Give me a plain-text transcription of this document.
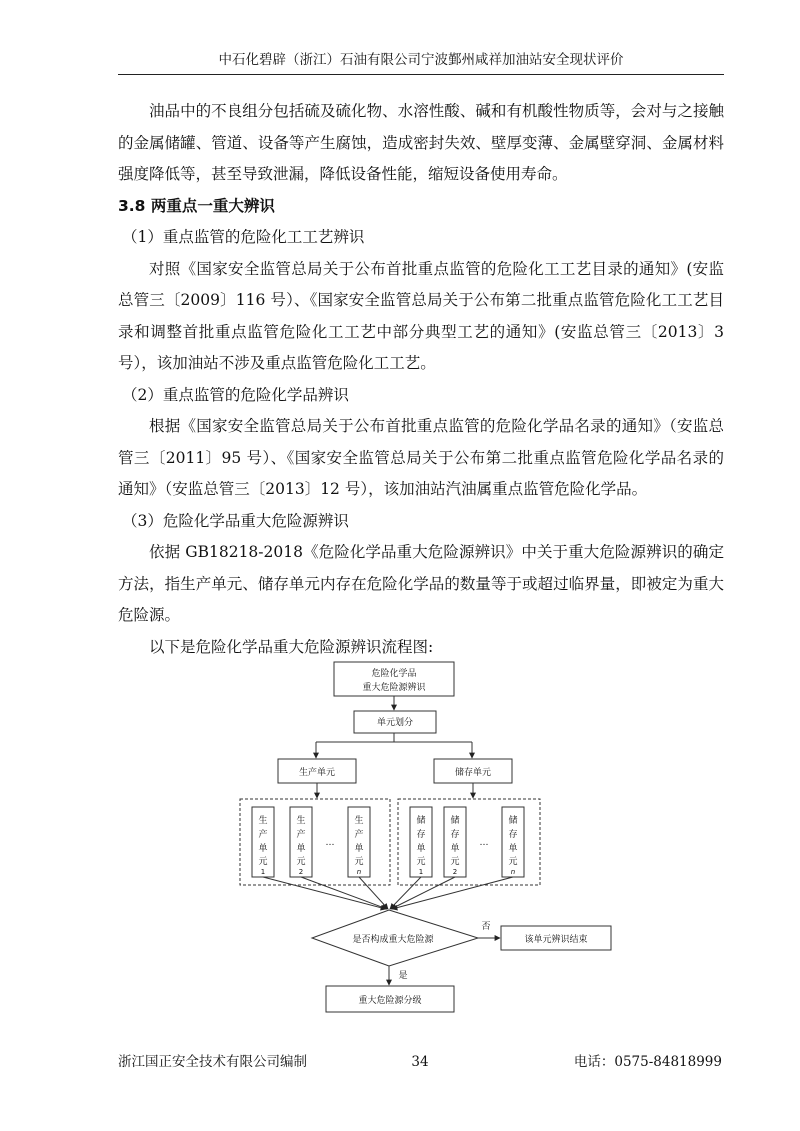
中石化碧辟（浙江）石油有限公司宁波鄞州咸祥加油站安全现状评价

油品中的不良组分包括硫及硫化物、水溶性酸、碱和有机酸性物质等，会对与之接触的金属储罐、管道、设备等产生腐蚀，造成密封失效、壁厚变薄、金属壁穿洞、金属材料强度降低等，甚至导致泄漏，降低设备性能，缩短设备使用寿命。

3.8 两重点一重大辨识

（1）重点监管的危险化工工艺辨识

对照《国家安全监管总局关于公布首批重点监管的危险化工工艺目录的通知》(安监总管三〔2009〕116 号）、《国家安全监管总局关于公布第二批重点监管危险化工工艺目录和调整首批重点监管危险化工工艺中部分典型工艺的通知》(安监总管三〔2013〕3 号），该加油站不涉及重点监管危险化工工艺。

（2）重点监管的危险化学品辨识

根据《国家安全监管总局关于公布首批重点监管的危险化学品名录的通知》（安监总管三〔2011〕95 号）、《国家安全监管总局关于公布第二批重点监管危险化学品名录的通知》（安监总管三〔2013〕12 号），该加油站汽油属重点监管危险化学品。

（3）危险化学品重大危险源辨识

依据 GB18218-2018《危险化学品重大危险源辨识》中关于重大危险源辨识的确定方法，指生产单元、储存单元内存在危险化学品的数量等于或超过临界量，即被定为重大危险源。

以下是危险化学品重大危险源辨识流程图:

危险化学品
重大危险源辨识
单元划分
生产单元	储存单元
生
产
单
元
1
生
产
单
元
2
…
生
产
单
元
n
储
存
单
元
1
储
存
单
元
2
…
储
存
单
元
n
是否构成重大危险源
否
该单元辨识结束
是
重大危险源分级
浙江国正安全技术有限公司编制	34	电话：0575-84818999
